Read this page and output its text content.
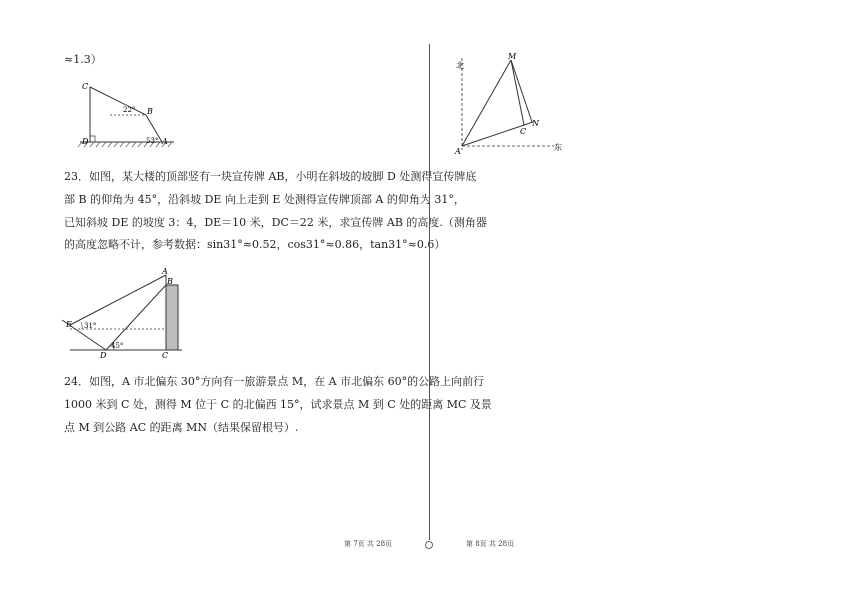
≈1.3）
C
B
D	A
22°
53°
23．如图，某大楼的顶部竖有一块宣传牌 AB，小明在斜坡的坡脚 D 处测得宣传牌底
部 B 的仰角为 45°，沿斜坡 DE 向上走到 E 处测得宣传牌顶部 A 的仰角为 31°，
已知斜坡 DE 的坡度 3：4，DE＝10 米，DC＝22 米，求宣传牌 AB 的高度.（测角器
的高度忽略不计，参考数据：sin31°≈0.52，cos31°≈0.86，tan31°≈0.6）
A
B
E
D	C
31°
45°
24．如图，A 市北偏东 30°方向有一旅游景点 M，在 A 市北偏东 60°的公路上向前行
1000 米到 C 处，测得 M 位于 C 的北偏西 15°，试求景点 M 到 C 处的距离 MC 及景
点 M 到公路 AC 的距离 MN（结果保留根号）.
第 7页 共 28页
北
东
M
A
C
N
第 8页 共 28页
